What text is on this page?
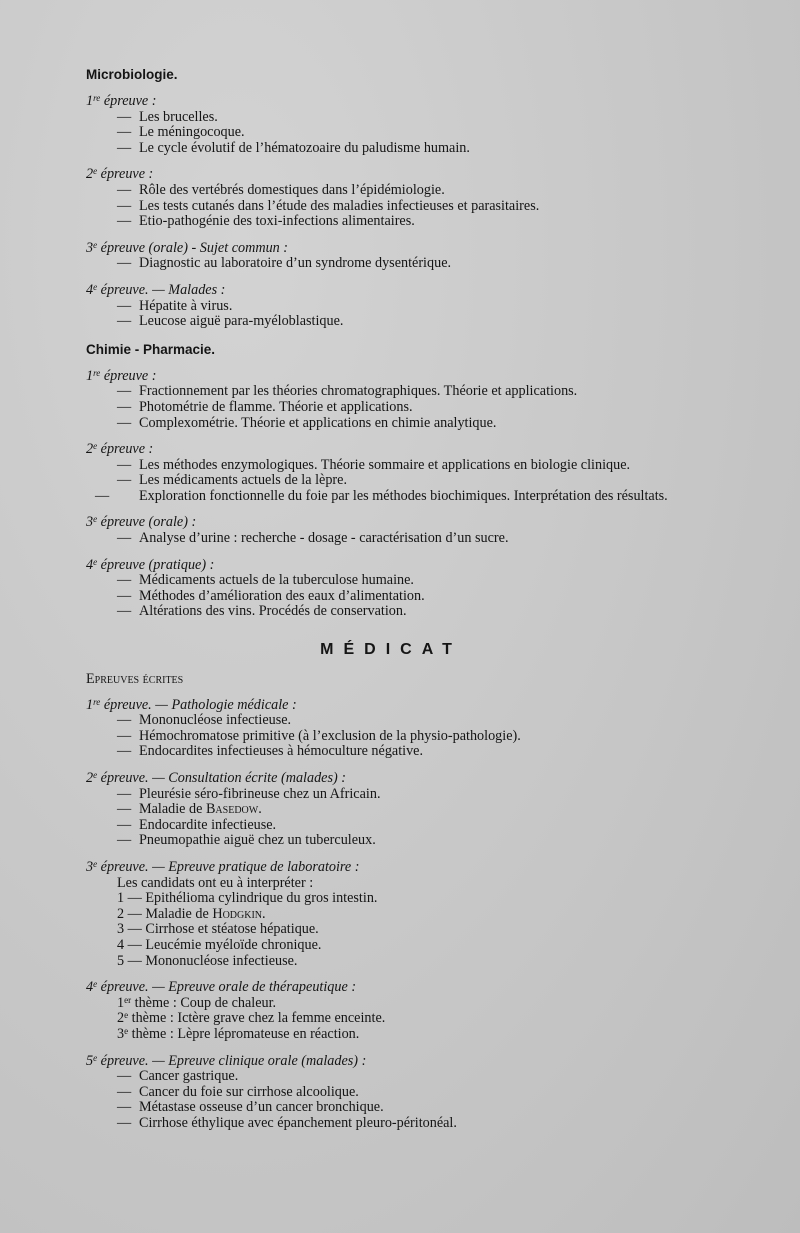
Microbiologie.
1re épreuve :
— Les brucelles.
— Le méningocoque.
— Le cycle évolutif de l’hématozoaire du paludisme humain.
2e épreuve :
— Rôle des vertébrés domestiques dans l’épidémiologie.
— Les tests cutanés dans l’étude des maladies infectieuses et parasitaires.
— Etio-pathogénie des toxi-infections alimentaires.
3e épreuve (orale) - Sujet commun :
— Diagnostic au laboratoire d’un syndrome dysentérique.
4e épreuve. — Malades :
— Hépatite à virus.
— Leucose aiguë para-myéloblastique.
Chimie - Pharmacie.
1re épreuve :
— Fractionnement par les théories chromatographiques. Théorie et applications.
— Photométrie de flamme. Théorie et applications.
— Complexométrie. Théorie et applications en chimie analytique.
2e épreuve :
— Les méthodes enzymologiques. Théorie sommaire et applications en biologie clinique.
— Les médicaments actuels de la lèpre.
— Exploration fonctionnelle du foie par les méthodes biochimiques. Interprétation des résultats.
3e épreuve (orale) :
— Analyse d’urine : recherche - dosage - caractérisation d’un sucre.
4e épreuve (pratique) :
— Médicaments actuels de la tuberculose humaine.
— Méthodes d’amélioration des eaux d’alimentation.
— Altérations des vins. Procédés de conservation.
MÉDICAT
Epreuves écrites
1re épreuve. — Pathologie médicale :
— Mononucléose infectieuse.
— Hémochromatose primitive (à l’exclusion de la physio-pathologie).
— Endocardites infectieuses à hémoculture négative.
2e épreuve. — Consultation écrite (malades) :
— Pleurésie séro-fibrineuse chez un Africain.
— Maladie de Basedow.
— Endocardite infectieuse.
— Pneumopathie aiguë chez un tuberculeux.
3e épreuve. — Epreuve pratique de laboratoire :
Les candidats ont eu à interpréter :
1 — Epithélioma cylindrique du gros intestin.
2 — Maladie de Hodgkin.
3 — Cirrhose et stéatose hépatique.
4 — Leucémie myéloïde chronique.
5 — Mononucléose infectieuse.
4e épreuve. — Epreuve orale de thérapeutique :
1er thème : Coup de chaleur.
2e thème : Ictère grave chez la femme enceinte.
3e thème : Lèpre lépromateuse en réaction.
5e épreuve. — Epreuve clinique orale (malades) :
— Cancer gastrique.
— Cancer du foie sur cirrhose alcoolique.
— Métastase osseuse d’un cancer bronchique.
— Cirrhose éthylique avec épanchement pleuro-péritonéal.
